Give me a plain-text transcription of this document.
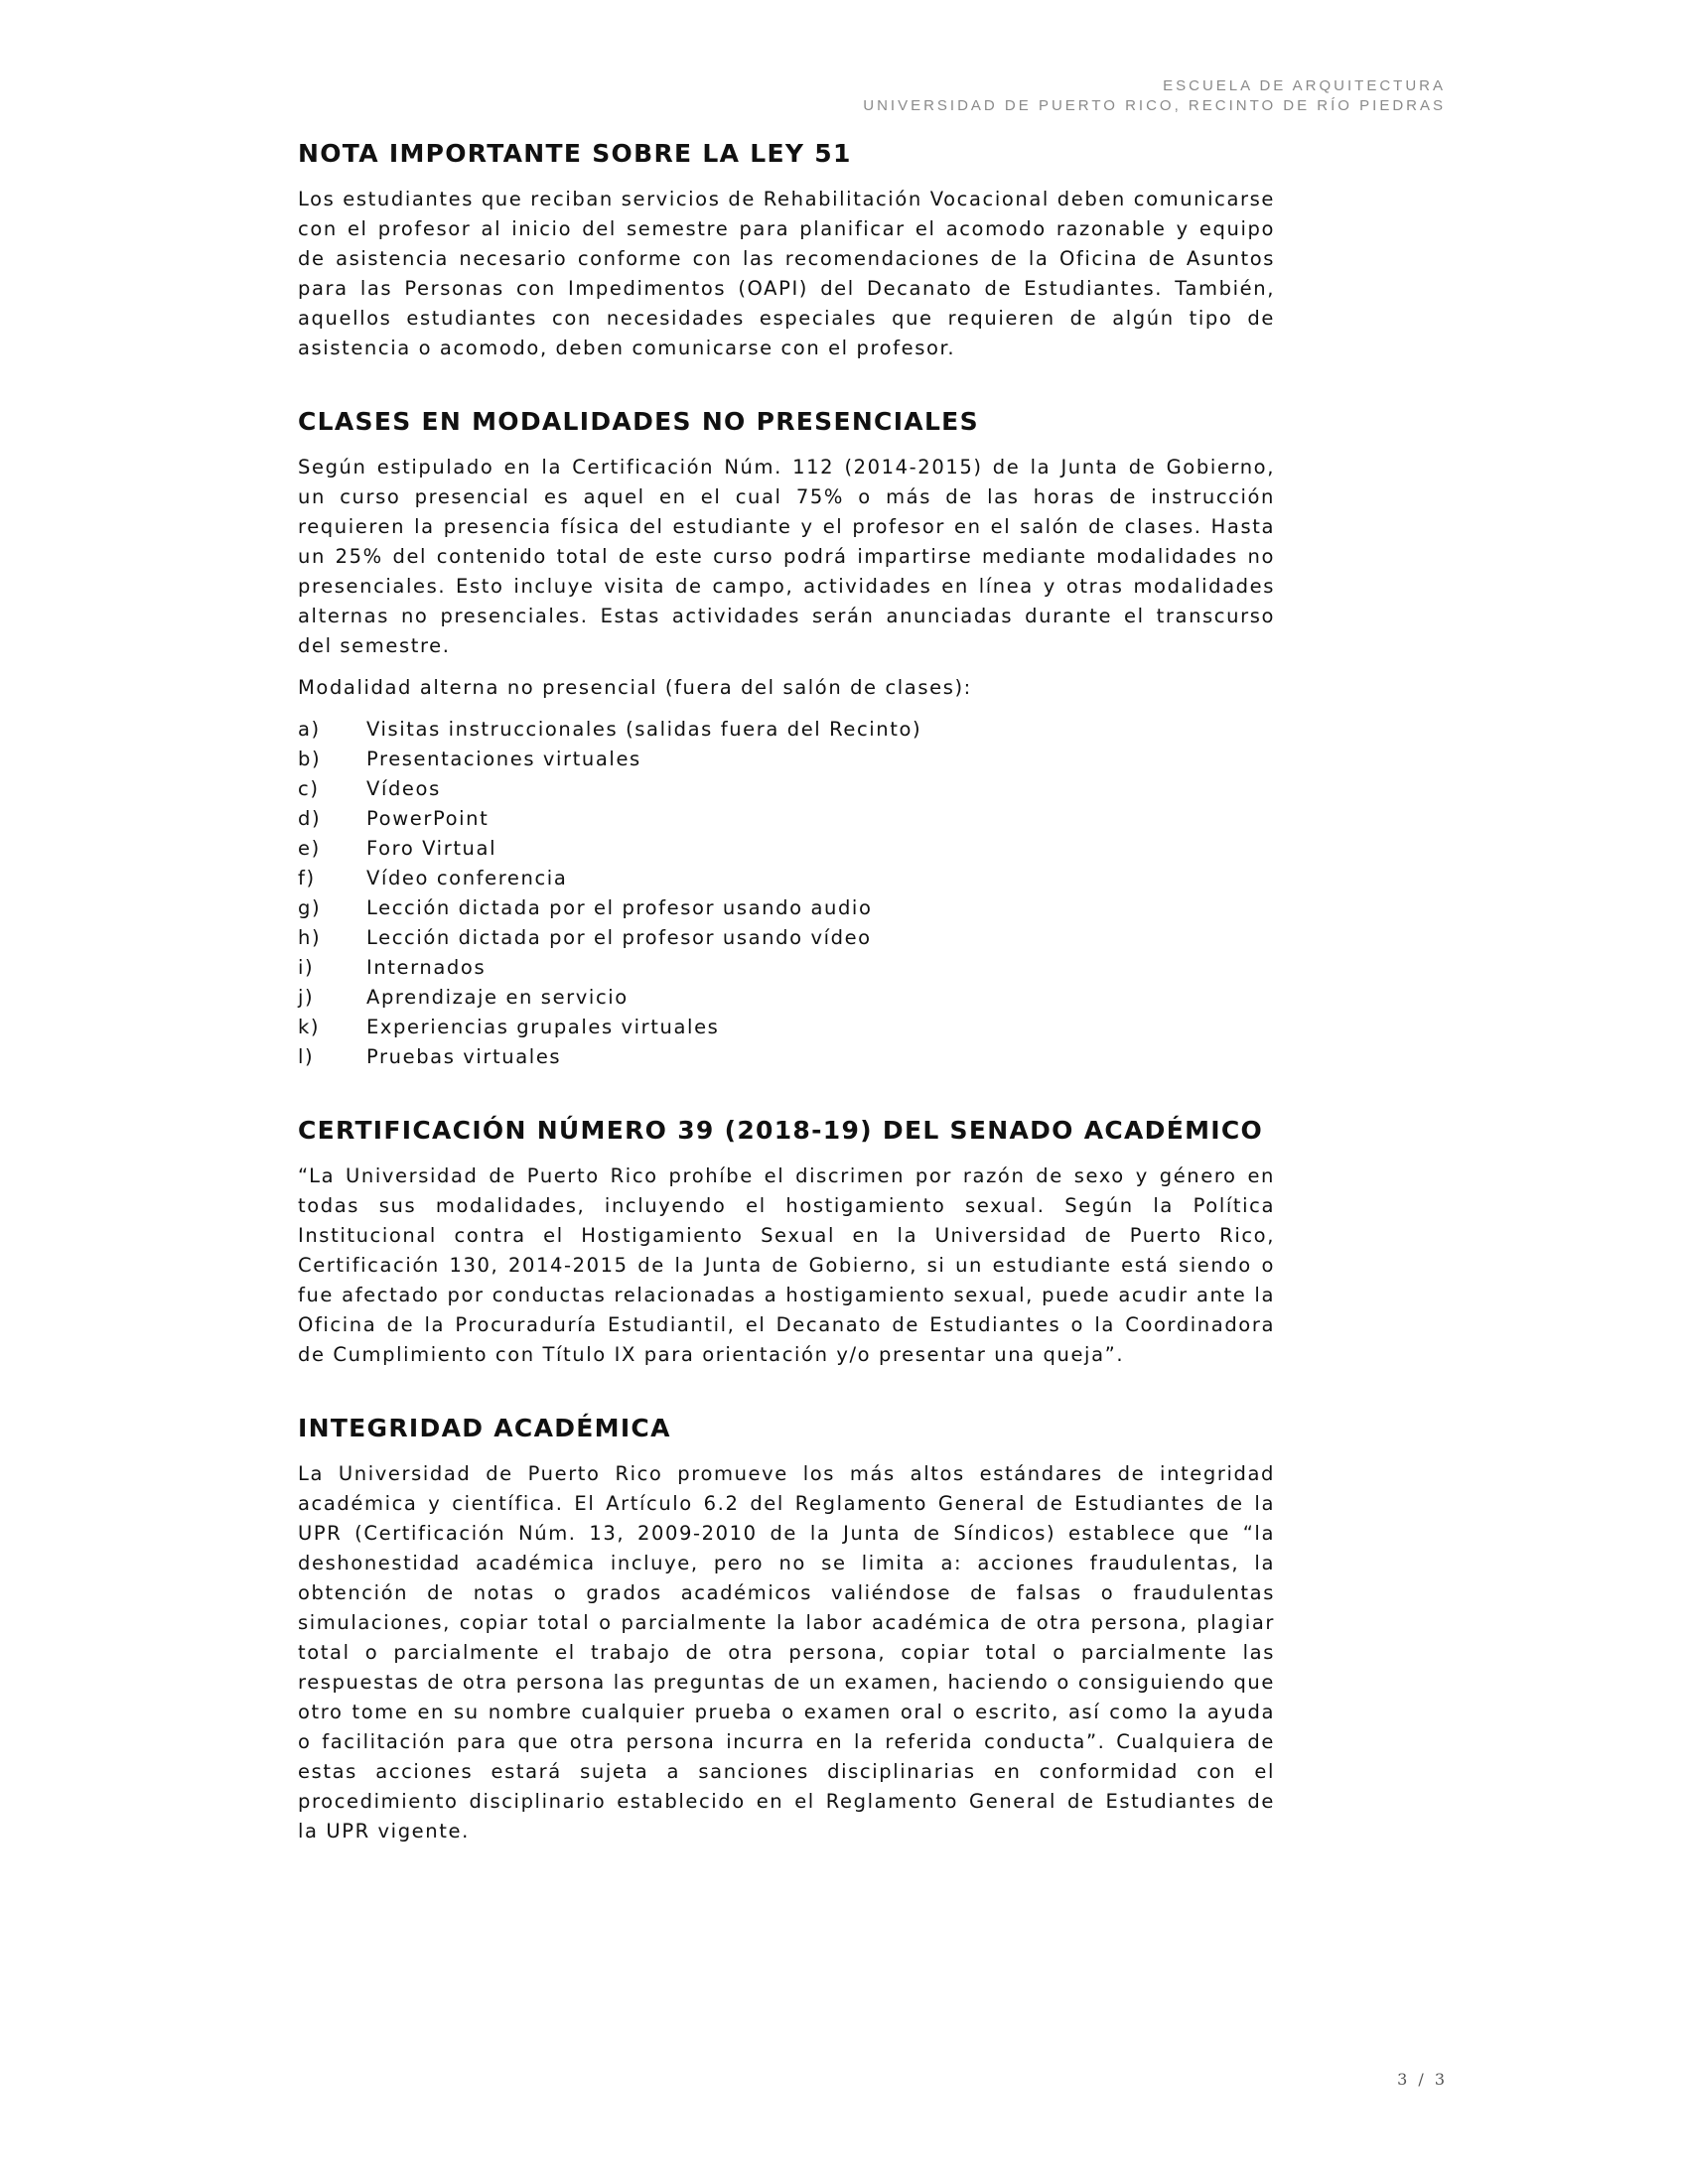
ESCUELA DE ARQUITECTURA
UNIVERSIDAD DE PUERTO RICO, RECINTO DE RÍO PIEDRAS
NOTA IMPORTANTE SOBRE LA LEY 51

Los estudiantes que reciban servicios de Rehabilitación Vocacional deben comunicarse con el profesor al inicio del semestre para planificar el acomodo razonable y equipo de asistencia necesario conforme con las recomendaciones de la Oficina de Asuntos para las Personas con Impedimentos (OAPI) del Decanato de Estudiantes. También, aquellos estudiantes con necesidades especiales que requieren de algún tipo de asistencia o acomodo, deben comunicarse con el profesor.

CLASES EN MODALIDADES NO PRESENCIALES

Según estipulado en la Certificación Núm. 112 (2014-2015) de la Junta de Gobierno, un curso presencial es aquel en el cual 75% o más de las horas de instrucción requieren la presencia física del estudiante y el profesor en el salón de clases. Hasta un 25% del contenido total de este curso podrá impartirse mediante modalidades no presenciales. Esto incluye visita de campo, actividades en línea y otras modalidades alternas no presenciales. Estas actividades serán anunciadas durante el transcurso del semestre.

Modalidad alterna no presencial (fuera del salón de clases):

a)	Visitas instruccionales (salidas fuera del Recinto)
b)	Presentaciones virtuales
c)	Vídeos
d)	PowerPoint
e)	Foro Virtual
f)	Vídeo conferencia
g)	Lección dictada por el profesor usando audio
h)	Lección dictada por el profesor usando vídeo
i)	Internados
j)	Aprendizaje en servicio
k)	Experiencias grupales virtuales
l)	Pruebas virtuales
CERTIFICACIÓN NÚMERO 39 (2018-19) DEL SENADO ACADÉMICO

“La Universidad de Puerto Rico prohíbe el discrimen por razón de sexo y género en todas sus modalidades, incluyendo el hostigamiento sexual. Según la Política Institucional contra el Hostigamiento Sexual en la Universidad de Puerto Rico, Certificación 130, 2014-2015 de la Junta de Gobierno, si un estudiante está siendo o fue afectado por conductas relacionadas a hostigamiento sexual, puede acudir ante la Oficina de la Procuraduría Estudiantil, el Decanato de Estudiantes o la Coordinadora de Cumplimiento con Título IX para orientación y/o presentar una queja”.

INTEGRIDAD ACADÉMICA

La Universidad de Puerto Rico promueve los más altos estándares de integridad académica y científica. El Artículo 6.2 del Reglamento General de Estudiantes de la UPR (Certificación Núm. 13, 2009-2010 de la Junta de Síndicos) establece que “la deshonestidad académica incluye, pero no se limita a: acciones fraudulentas, la obtención de notas o grados académicos valiéndose de falsas o fraudulentas simulaciones, copiar total o parcialmente la labor académica de otra persona, plagiar total o parcialmente el trabajo de otra persona, copiar total o parcialmente las respuestas de otra persona las preguntas de un examen, haciendo o consiguiendo que otro tome en su nombre cualquier prueba o examen oral o escrito, así como la ayuda o facilitación para que otra persona incurra en la referida conducta”. Cualquiera de estas acciones estará sujeta a sanciones disciplinarias en conformidad con el procedimiento disciplinario establecido en el Reglamento General de Estudiantes de la UPR vigente.

3 / 3
